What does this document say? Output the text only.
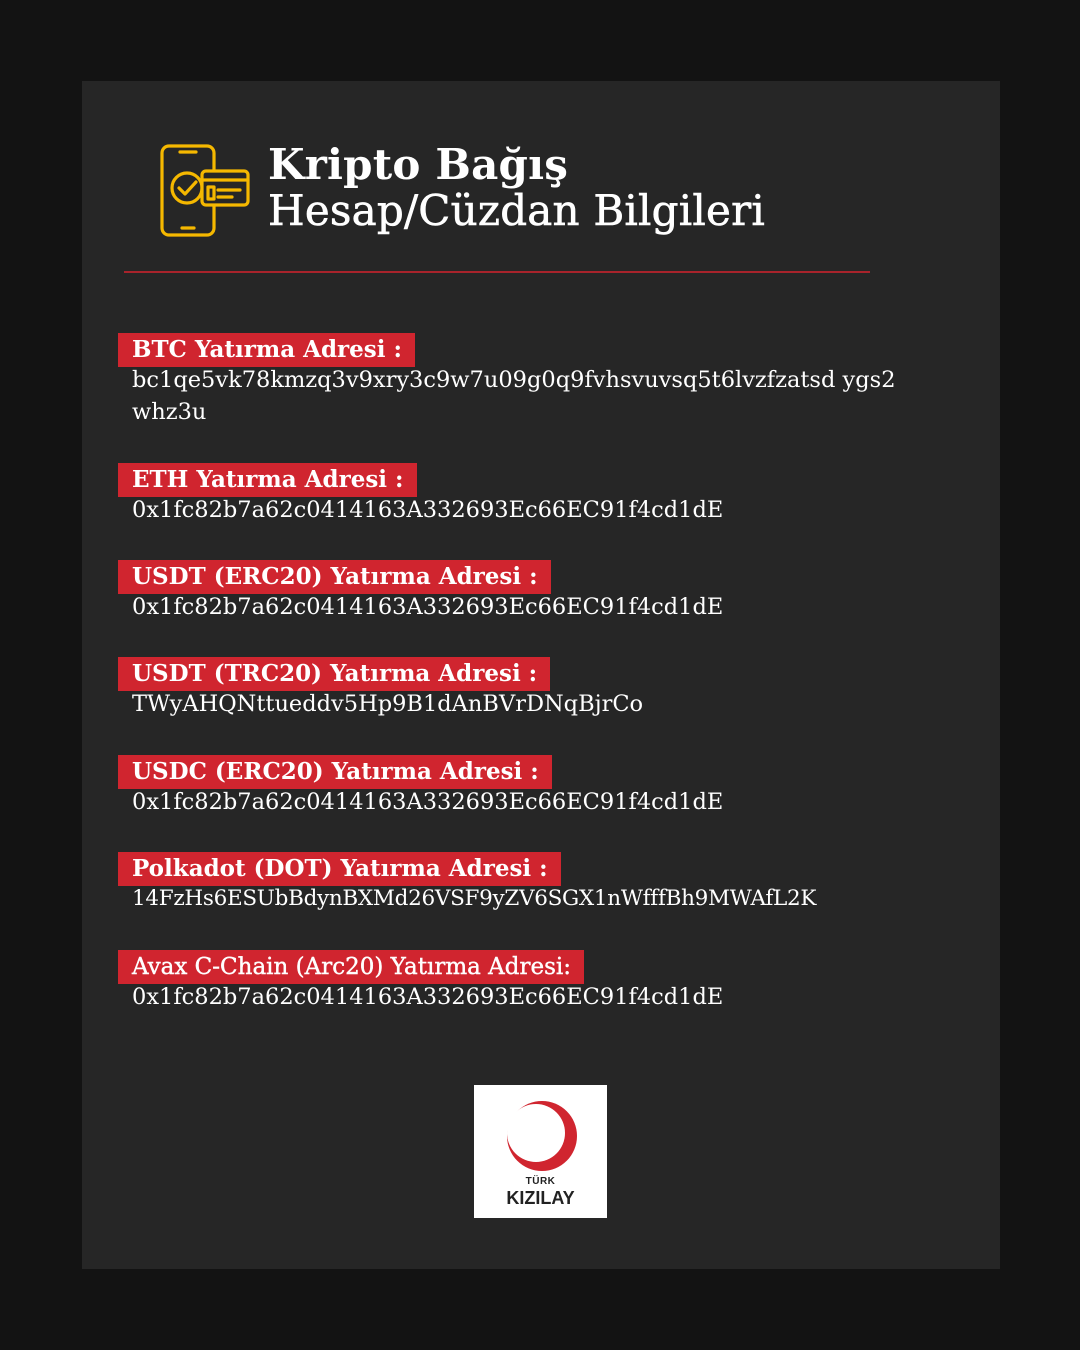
Kripto Bağış
Hesap/Cüzdan Bilgileri
BTC Yatırma Adresi :
bc1qe5vk78kmzq3v9xry3c9w7u09g0q9fvhsvuvsq5t6lvzfzatsd ygs2whz3u
ETH Yatırma Adresi :
0x1fc82b7a62c0414163A332693Ec66EC91f4cd1dE
USDT (ERC20) Yatırma Adresi :
0x1fc82b7a62c0414163A332693Ec66EC91f4cd1dE
USDT (TRC20) Yatırma Adresi :
TWyAHQNttueddv5Hp9B1dAnBVrDNqBjrCo
USDC (ERC20) Yatırma Adresi :
0x1fc82b7a62c0414163A332693Ec66EC91f4cd1dE
Polkadot (DOT) Yatırma Adresi :
14FzHs6ESUbBdynBXMd26VSF9yZV6SGX1nWfffBh9MWAfL2K
Avax C-Chain (Arc20) Yatırma Adresi:
0x1fc82b7a62c0414163A332693Ec66EC91f4cd1dE
TÜRK
KIZILAY
